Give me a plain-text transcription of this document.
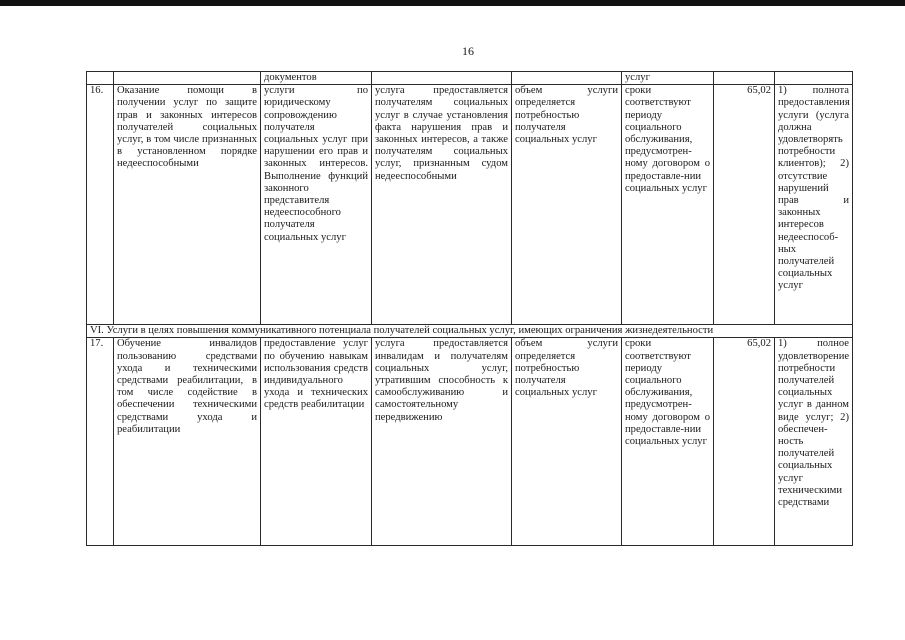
16
		документов			услуг		
16.	Оказание помощи в получении услуг по защите прав и законных интересов получателей социальных услуг, в том числе признанных в установленном порядке недееспособными	услуги по юридическому сопровождению получателя социальных услуг при нарушении его прав и законных интересов. Выполнение функций законного представителя недееспособного получателя социальных услуг	услуга предоставляется получателям социальных услуг в случае установления факта нарушения прав и законных интересов, а также получателям социальных услуг, признанным судом недееспособными	объем услуги определяется потребностью получателя социальных услуг	сроки соответствуют периоду социального обслуживания, предусмотрен-ному договором о предоставле-нии социальных услуг	65,02	1) полнота предоставления услуги (услуга должна удовлетворять потребности клиентов); 2) отсутствие нарушений прав и законных интересов недееспособ-ных получателей социальных услуг
VI. Услуги в целях повышения коммуникативного потенциала получателей социальных услуг, имеющих ограничения жизнедеятельности							
17.	Обучение инвалидов пользованию средствами ухода и техническими средствами реабилитации, в том числе содействие в обеспечении техническими средствами ухода и реабилитации	предоставление услуг по обучению навыкам использования средств индивидуального ухода и технических средств реабилитации	услуга предоставляется инвалидам и получателям социальных услуг, утратившим способность к самообслуживанию и самостоятельному передвижению	объем услуги определяется потребностью получателя социальных услуг	сроки соответствуют периоду социального обслуживания, предусмотрен-ному договором о предоставле-нии социальных услуг	65,02	1) полное удовлетворение потребности получателей социальных услуг в данном виде услуг; 2) обеспечен-ность получателей социальных услуг техническими средствами
